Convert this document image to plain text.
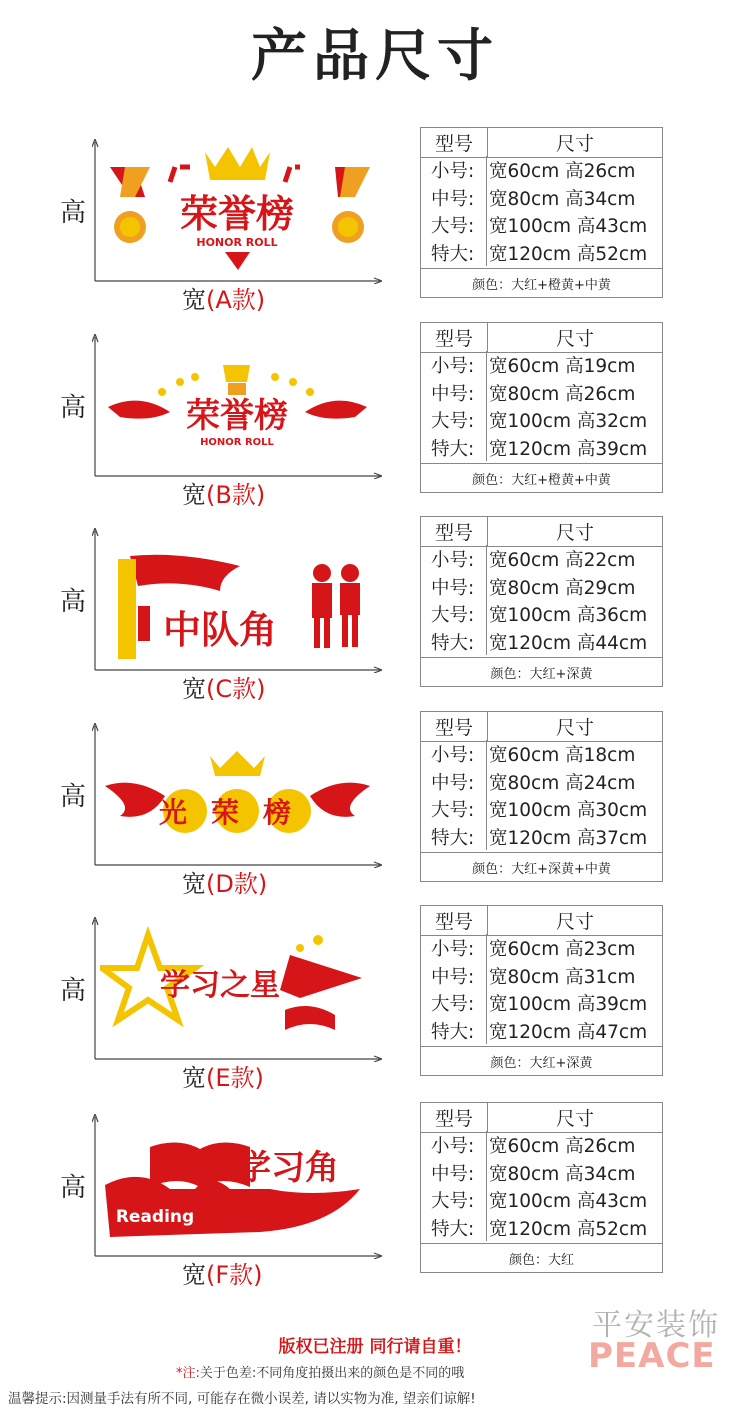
产品尺寸
荣誉榜
HONOR ROLL
高
宽(A款)
型号	尺寸

小号: 宽60cm 高26cm
中号: 宽80cm 高34cm
大号: 宽100cm 高43cm
特大: 宽120cm 高52cm

颜色：大红+橙黄+中黄
荣誉榜
HONOR ROLL
高
宽(B款)
型号	尺寸

小号: 宽60cm 高19cm
中号: 宽80cm 高26cm
大号: 宽100cm 高32cm
特大: 宽120cm 高39cm

颜色：大红+橙黄+中黄
中队角
高
宽(C款)
型号	尺寸

小号: 宽60cm 高22cm
中号: 宽80cm 高29cm
大号: 宽100cm 高36cm
特大: 宽120cm 高44cm

颜色：大红+深黄
光荣榜
高
宽(D款)
型号	尺寸

小号: 宽60cm 高18cm
中号: 宽80cm 高24cm
大号: 宽100cm 高30cm
特大: 宽120cm 高37cm

颜色：大红+深黄+中黄
学习之星
高
宽(E款)
型号	尺寸

小号: 宽60cm 高23cm
中号: 宽80cm 高31cm
大号: 宽100cm 高39cm
特大: 宽120cm 高47cm

颜色：大红+深黄
学习角
Reading
高
宽(F款)
型号	尺寸

小号: 宽60cm 高26cm
中号: 宽80cm 高34cm
大号: 宽100cm 高43cm
特大: 宽120cm 高52cm

颜色：大红
版权已注册 同行请自重！
*注:关于色差:不同角度拍摄出来的颜色是不同的哦
温馨提示:因测量手法有所不同, 可能存在微小误差, 请以实物为准, 望亲们谅解!
平安装饰
PEACE
